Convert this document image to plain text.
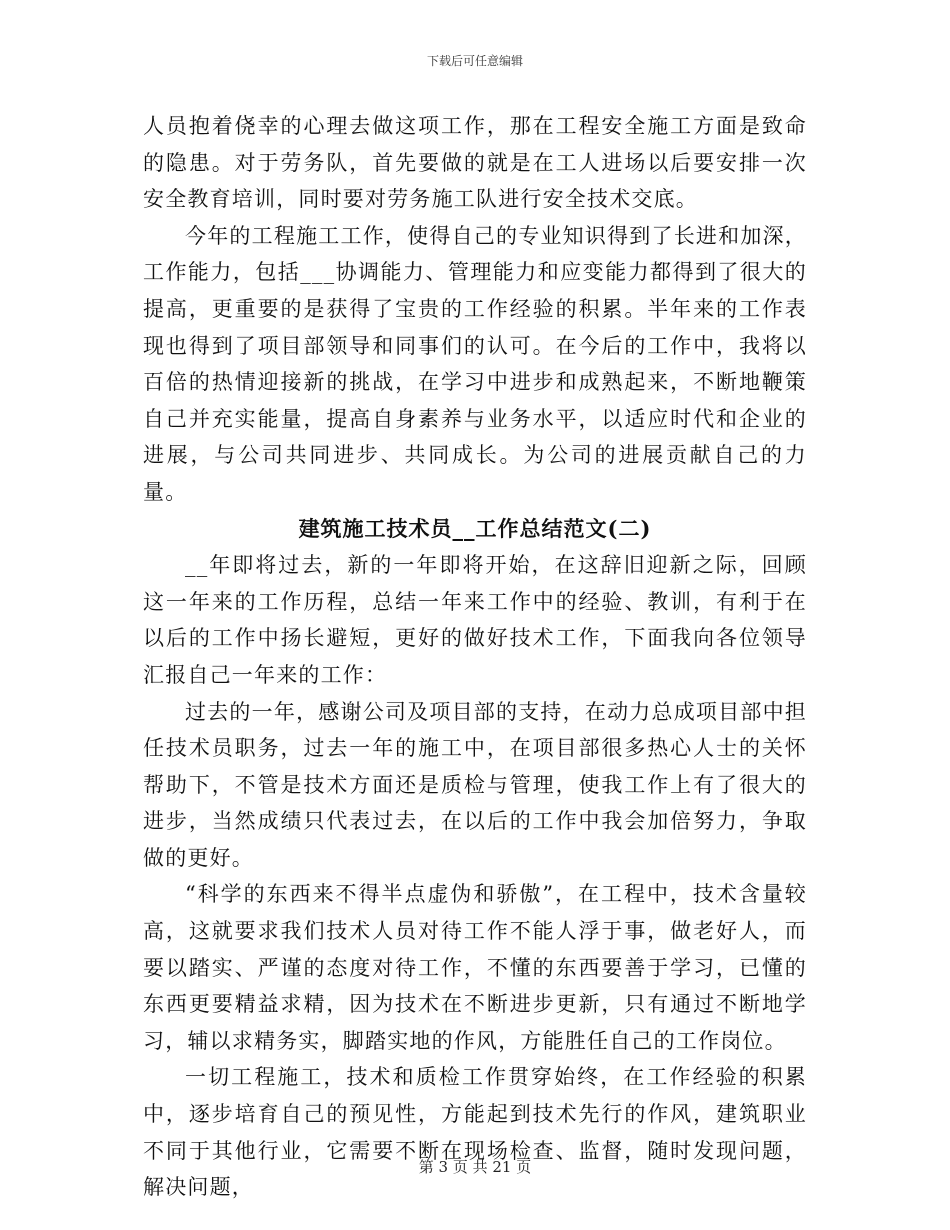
下载后可任意编辑

人员抱着侥幸的心理去做这项工作，那在工程安全施工方面是致命的隐患。对于劳务队，首先要做的就是在工人进场以后要安排一次安全教育培训，同时要对劳务施工队进行安全技术交底。

今年的工程施工工作，使得自己的专业知识得到了长进和加深，工作能力，包括___协调能力、管理能力和应变能力都得到了很大的提高，更重要的是获得了宝贵的工作经验的积累。半年来的工作表现也得到了项目部领导和同事们的认可。在今后的工作中，我将以百倍的热情迎接新的挑战，在学习中进步和成熟起来，不断地鞭策自己并充实能量，提高自身素养与业务水平，以适应时代和企业的进展，与公司共同进步、共同成长。为公司的进展贡献自己的力量。

建筑施工技术员__工作总结范文(二)

__年即将过去，新的一年即将开始，在这辞旧迎新之际，回顾这一年来的工作历程，总结一年来工作中的经验、教训，有利于在以后的工作中扬长避短，更好的做好技术工作，下面我向各位领导汇报自己一年来的工作：

过去的一年，感谢公司及项目部的支持，在动力总成项目部中担任技术员职务，过去一年的施工中，在项目部很多热心人士的关怀帮助下，不管是技术方面还是质检与管理，使我工作上有了很大的进步，当然成绩只代表过去，在以后的工作中我会加倍努力，争取做的更好。

“科学的东西来不得半点虚伪和骄傲”，在工程中，技术含量较高，这就要求我们技术人员对待工作不能人浮于事，做老好人，而要以踏实、严谨的态度对待工作，不懂的东西要善于学习，已懂的东西更要精益求精，因为技术在不断进步更新，只有通过不断地学习，辅以求精务实，脚踏实地的作风，方能胜任自己的工作岗位。

一切工程施工，技术和质检工作贯穿始终，在工作经验的积累中，逐步培育自己的预见性，方能起到技术先行的作风，建筑职业不同于其他行业，它需要不断在现场检查、监督，随时发现问题，解决问题，

第 3 页 共 21 页
